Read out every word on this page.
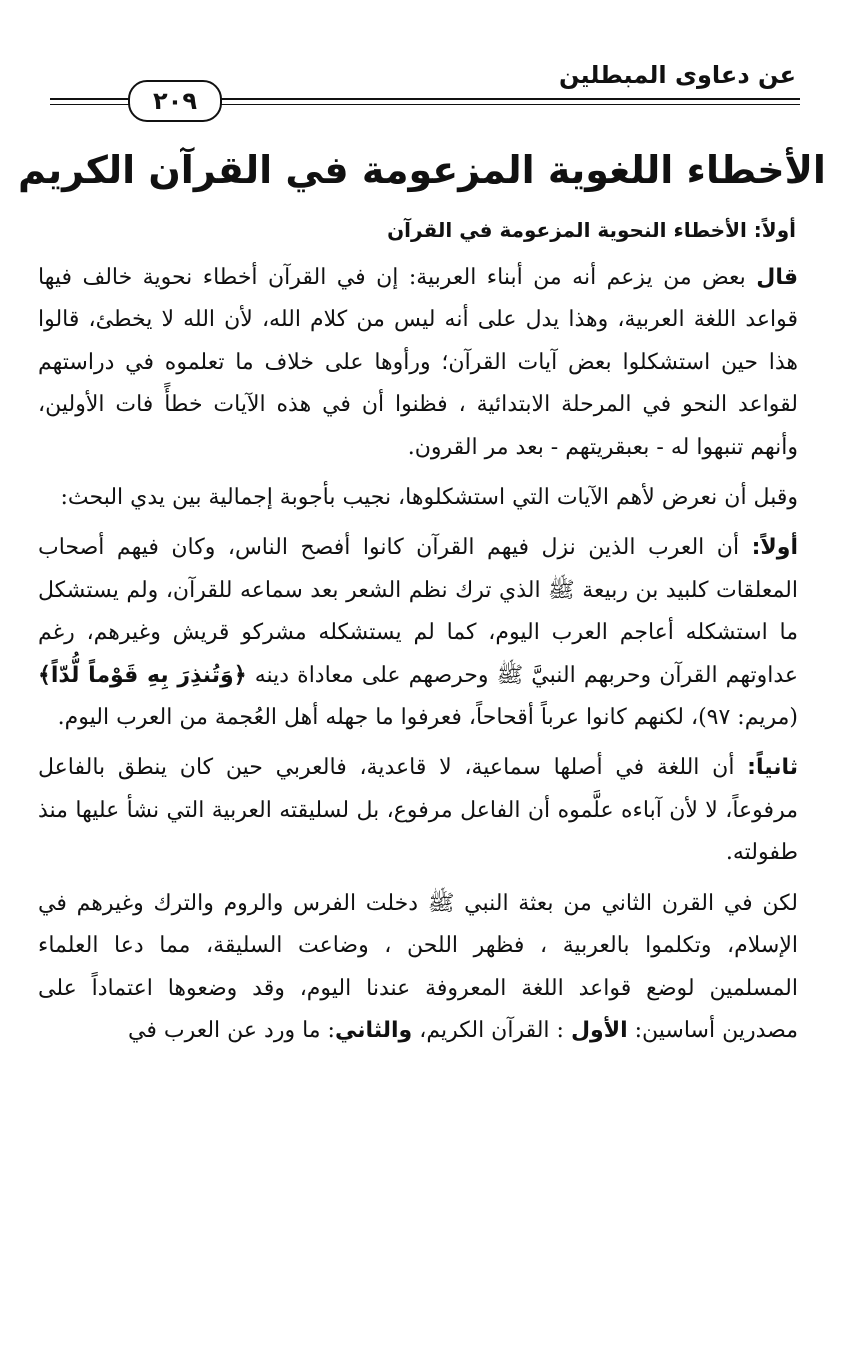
عن دعاوى المبطلين
٢٠٩
الأخطاء اللغوية المزعومة في القرآن الكريم
أولاً: الأخطاء النحوية المزعومة في القرآن

قال بعض من يزعم أنه من أبناء العربية: إن في القرآن أخطاء نحوية خالف فيها قواعد اللغة العربية، وهذا يدل على أنه ليس من كلام الله، لأن الله لا يخطئ، قالوا هذا حين استشكلوا بعض آيات القرآن؛ ورأوها على خلاف ما تعلموه في دراستهم لقواعد النحو في المرحلة الابتدائية ، فظنوا أن في هذه الآيات خطأً فات الأولين، وأنهم تنبهوا له - بعبقريتهم - بعد مر القرون.

وقبل أن نعرض لأهم الآيات التي استشكلوها، نجيب بأجوبة إجمالية بين يدي البحث:

أولاً: أن العرب الذين نزل فيهم القرآن كانوا أفصح الناس، وكان فيهم أصحاب المعلقات كلبيد بن ربيعة ﷺ الذي ترك نظم الشعر بعد سماعه للقرآن، ولم يستشكل ما استشكله أعاجم العرب اليوم، كما لم يستشكله مشركو قريش وغيرهم، رغم عداوتهم القرآن وحربهم النبيَّ ﷺ وحرصهم على معاداة دينه ﴿وَتُنذِرَ بِهِ قَوْماً لُّدّاً﴾ (مريم: ٩٧)، لكنهم كانوا عرباً أقحاحاً، فعرفوا ما جهله أهل العُجمة من العرب اليوم.

ثانياً: أن اللغة في أصلها سماعية، لا قاعدية، فالعربي حين كان ينطق بالفاعل مرفوعاً، لا لأن آباءه علَّموه أن الفاعل مرفوع، بل لسليقته العربية التي نشأ عليها منذ طفولته.

لكن في القرن الثاني من بعثة النبي ﷺ دخلت الفرس والروم والترك وغيرهم في الإسلام، وتكلموا بالعربية ، فظهر اللحن ، وضاعت السليقة، مما دعا العلماء المسلمين لوضع قواعد اللغة المعروفة عندنا اليوم، وقد وضعوها اعتماداً على مصدرين أساسين: الأول : القرآن الكريم، والثاني: ما ورد عن العرب في
